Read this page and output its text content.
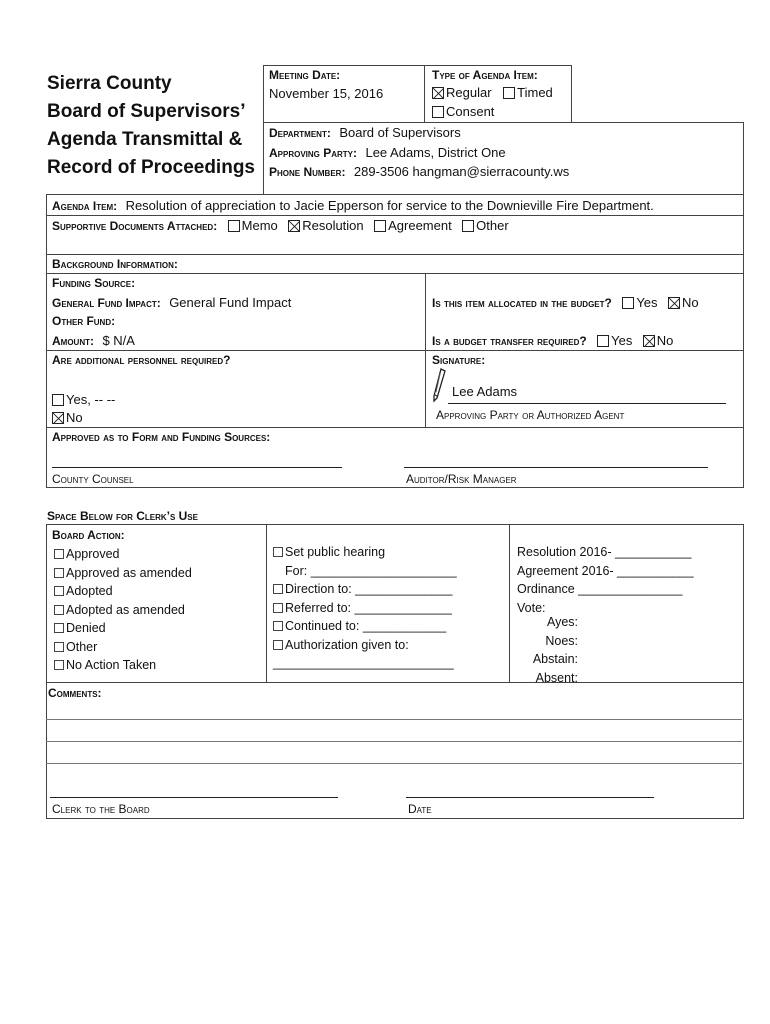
Sierra County
Board of Supervisors’
Agenda Transmittal &
Record of Proceedings
Meeting Date:
November 15, 2016
Type of Agenda Item:
Regular Timed
Consent
Department: Board of Supervisors
Approving Party: Lee Adams, District One
Phone Number: 289-3506 hangman@sierracounty.ws
Agenda Item: Resolution of appreciation to Jacie Epperson for service to the Downieville Fire Department.
Supportive Documents Attached: Memo Resolution Agreement Other
Background Information:
Funding Source:
General Fund Impact: General Fund Impact
Other Fund:
Amount: $ N/A
Is this item allocated in the budget? Yes No
Is a budget transfer required? Yes No
Are additional personnel required?
Yes, -- --
No
Signature:
Lee Adams
Approving Party or Authorized Agent
Approved as to Form and Funding Sources:
County Counsel	Auditor/Risk Manager
Space Below for Clerk’s Use
Board Action:
Approved
Approved as amended
Adopted
Adopted as amended
Denied
Other
No Action Taken
Set public hearing
For: _____________________
Direction to: ______________
Referred to: ______________
Continued to: ____________
Authorization given to:
__________________________
Resolution 2016- ___________
Agreement 2016- ___________
Ordinance _______________
Vote:
Ayes:
Noes:
Abstain:
Absent:
Comments:
Clerk to the Board	Date
